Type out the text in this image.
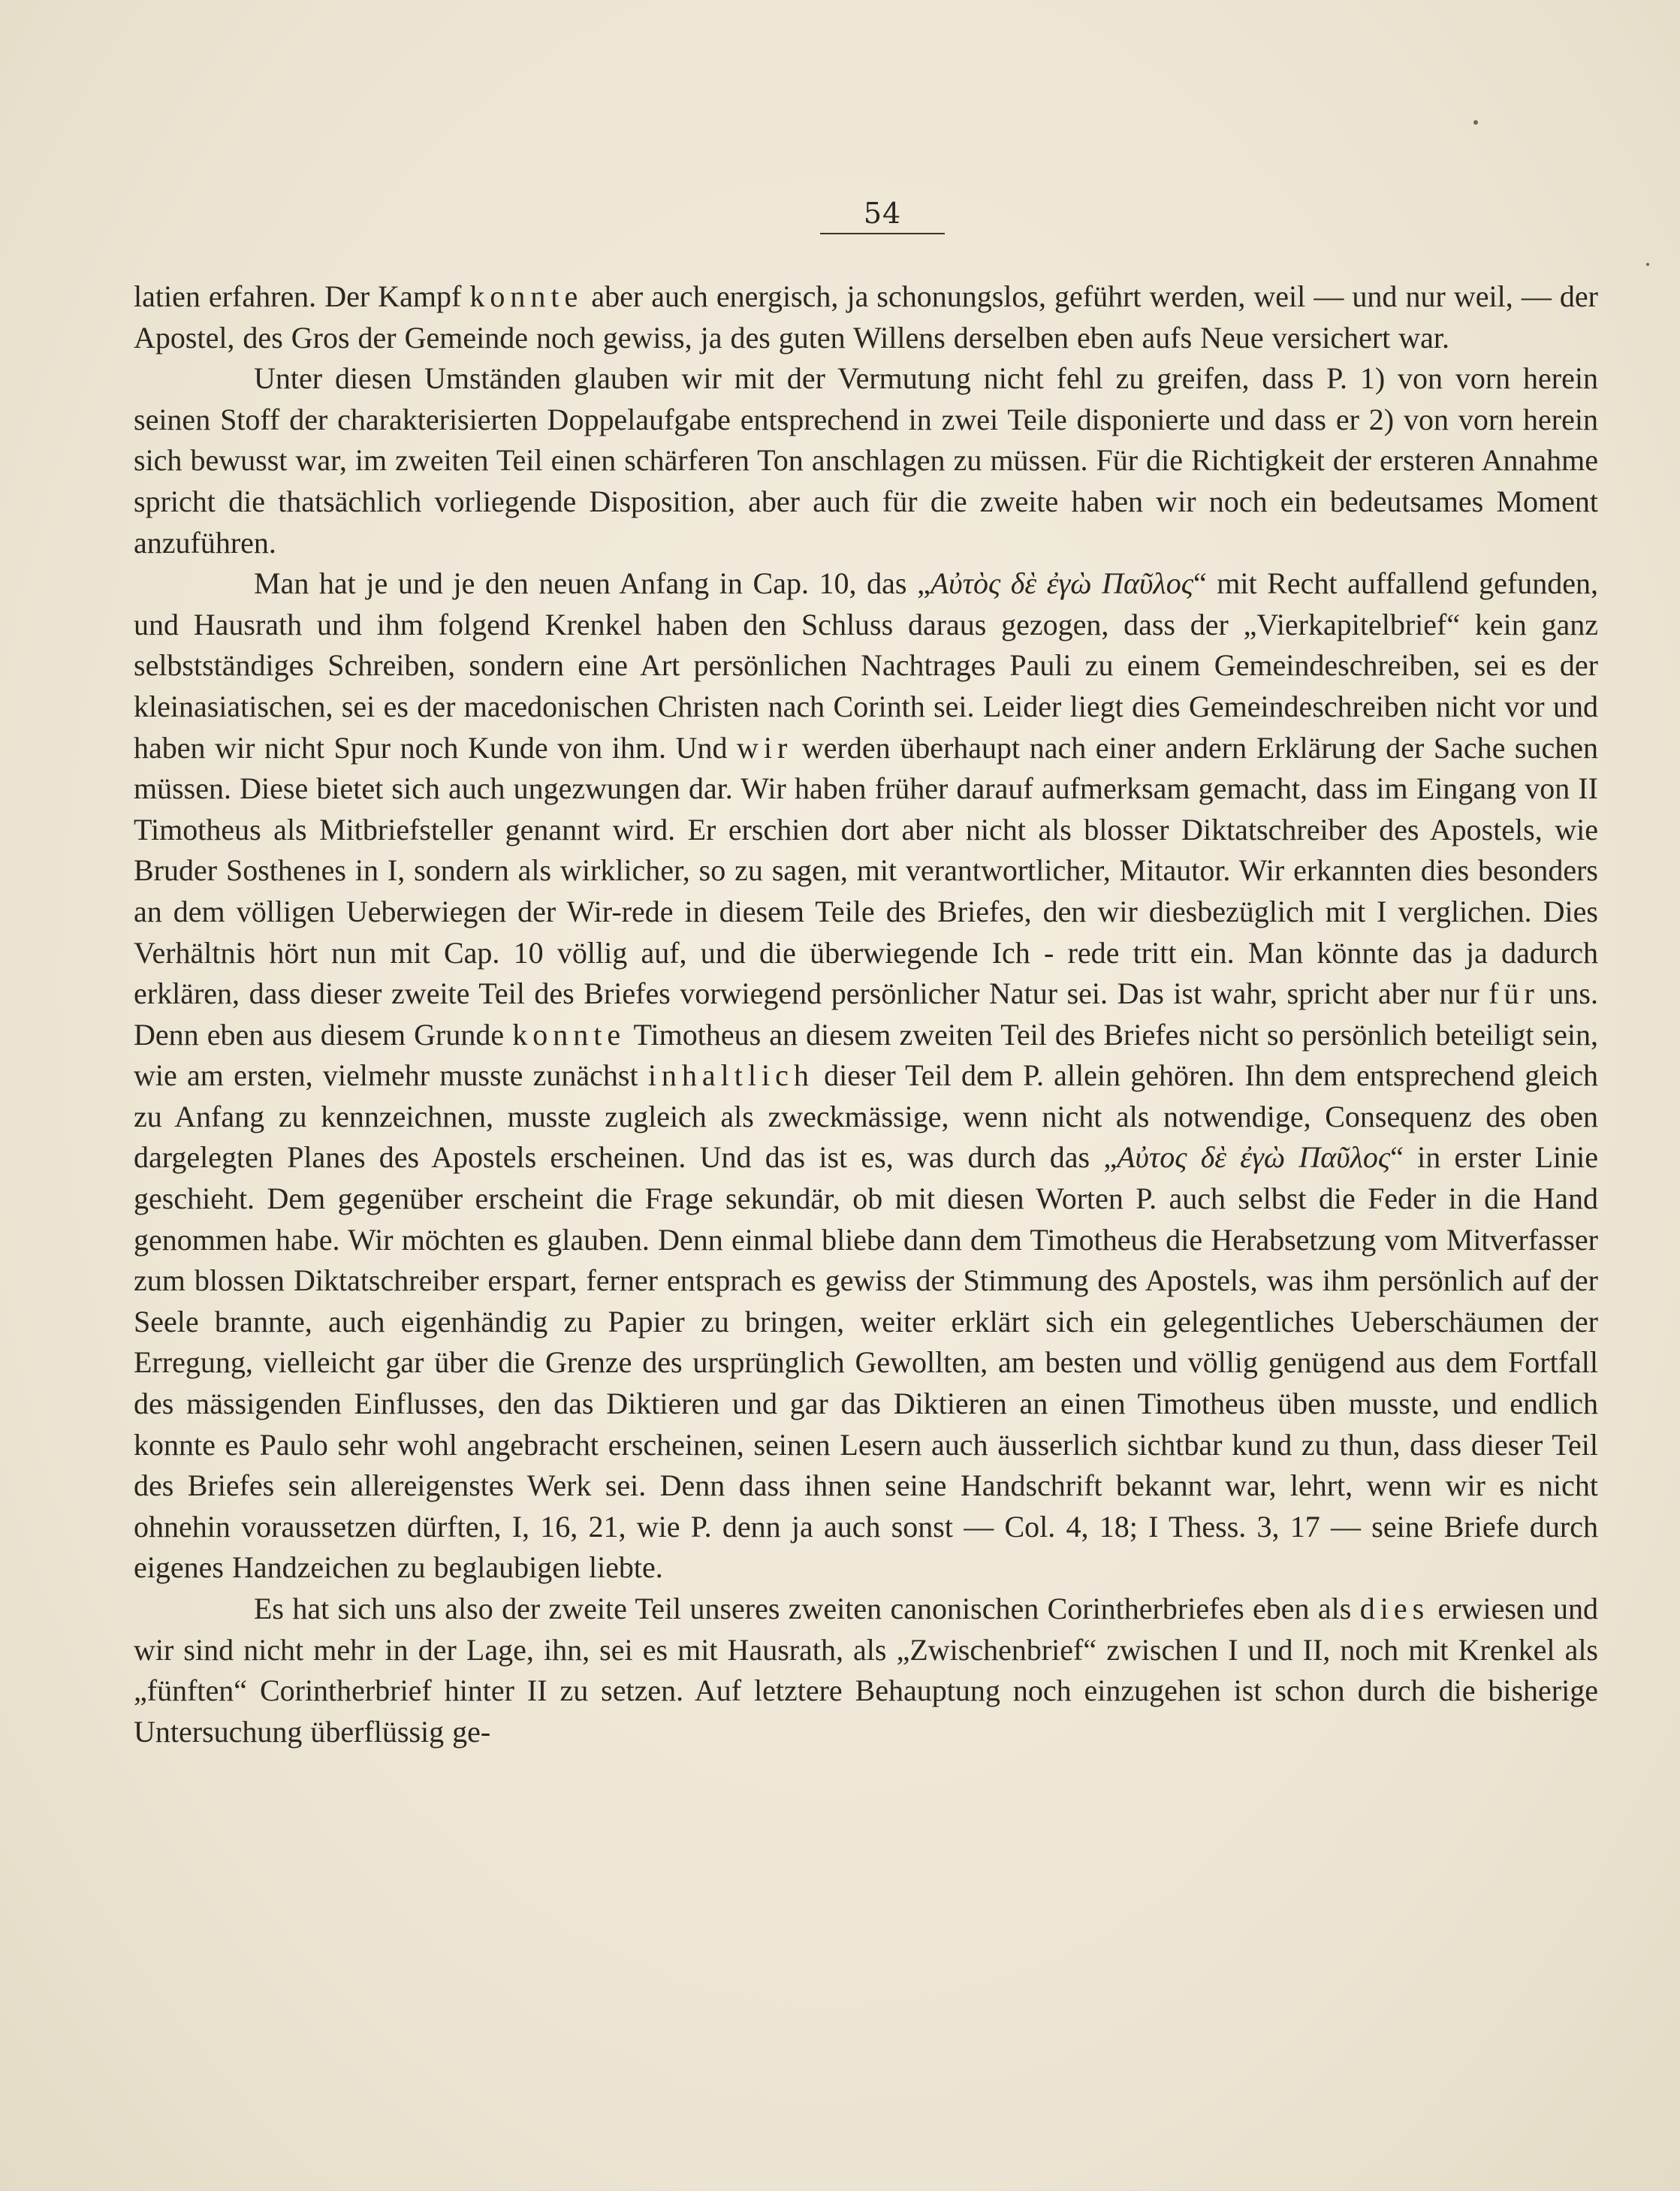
54

latien erfahren. Der Kampf konnte aber auch energisch, ja schonungslos, geführt werden, weil — und nur weil, — der Apostel, des Gros der Gemeinde noch gewiss, ja des guten Willens derselben eben aufs Neue versichert war.

Unter diesen Umständen glauben wir mit der Vermutung nicht fehl zu greifen, dass P. 1) von vorn herein seinen Stoff der charakterisierten Doppelaufgabe entsprechend in zwei Teile disponierte und dass er 2) von vorn herein sich bewusst war, im zweiten Teil einen schärferen Ton anschlagen zu müssen. Für die Richtigkeit der ersteren Annahme spricht die thatsächlich vorliegende Disposition, aber auch für die zweite haben wir noch ein bedeutsames Moment anzuführen.

Man hat je und je den neuen Anfang in Cap. 10, das „Αὐτὸς δὲ ἐγὼ Παῦλος“ mit Recht auffallend gefunden, und Hausrath und ihm folgend Krenkel haben den Schluss daraus gezogen, dass der „Vierkapitelbrief“ kein ganz selbstständiges Schreiben, sondern eine Art persönlichen Nachtrages Pauli zu einem Gemeindeschreiben, sei es der kleinasiatischen, sei es der macedonischen Christen nach Corinth sei. Leider liegt dies Gemeindeschreiben nicht vor und haben wir nicht Spur noch Kunde von ihm. Und wir werden überhaupt nach einer andern Erklärung der Sache suchen müssen. Diese bietet sich auch ungezwungen dar. Wir haben früher darauf aufmerksam gemacht, dass im Eingang von II Timotheus als Mitbriefsteller genannt wird. Er erschien dort aber nicht als blosser Diktatschreiber des Apostels, wie Bruder Sosthenes in I, sondern als wirklicher, so zu sagen, mit verantwortlicher, Mitautor. Wir erkannten dies besonders an dem völligen Ueberwiegen der Wir-rede in diesem Teile des Briefes, den wir diesbezüglich mit I verglichen. Dies Verhältnis hört nun mit Cap. 10 völlig auf, und die überwiegende Ich - rede tritt ein. Man könnte das ja dadurch erklären, dass dieser zweite Teil des Briefes vorwiegend persönlicher Natur sei. Das ist wahr, spricht aber nur für uns. Denn eben aus diesem Grunde konnte Timotheus an diesem zweiten Teil des Briefes nicht so persönlich beteiligt sein, wie am ersten, vielmehr musste zunächst inhaltlich dieser Teil dem P. allein gehören. Ihn dem entsprechend gleich zu Anfang zu kennzeichnen, musste zugleich als zweckmässige, wenn nicht als notwendige, Consequenz des oben dargelegten Planes des Apostels erscheinen. Und das ist es, was durch das „Αὐτος δὲ ἐγὼ Παῦλος“ in erster Linie geschieht. Dem gegenüber erscheint die Frage sekundär, ob mit diesen Worten P. auch selbst die Feder in die Hand genommen habe. Wir möchten es glauben. Denn einmal bliebe dann dem Timotheus die Herabsetzung vom Mitverfasser zum blossen Diktatschreiber erspart, ferner entsprach es gewiss der Stimmung des Apostels, was ihm persönlich auf der Seele brannte, auch eigenhändig zu Papier zu bringen, weiter erklärt sich ein gelegentliches Ueberschäumen der Erregung, vielleicht gar über die Grenze des ursprünglich Gewollten, am besten und völlig genügend aus dem Fortfall des mässigenden Einflusses, den das Diktieren und gar das Diktieren an einen Timotheus üben musste, und endlich konnte es Paulo sehr wohl angebracht erscheinen, seinen Lesern auch äusserlich sichtbar kund zu thun, dass dieser Teil des Briefes sein allereigenstes Werk sei. Denn dass ihnen seine Handschrift bekannt war, lehrt, wenn wir es nicht ohnehin voraussetzen dürften, I, 16, 21, wie P. denn ja auch sonst — Col. 4, 18; I Thess. 3, 17 — seine Briefe durch eigenes Handzeichen zu beglaubigen liebte.

Es hat sich uns also der zweite Teil unseres zweiten canonischen Corintherbriefes eben als dies erwiesen und wir sind nicht mehr in der Lage, ihn, sei es mit Hausrath, als „Zwischenbrief“ zwischen I und II, noch mit Krenkel als „fünften“ Corintherbrief hinter II zu setzen. Auf letztere Behauptung noch einzugehen ist schon durch die bisherige Untersuchung überflüssig ge-
